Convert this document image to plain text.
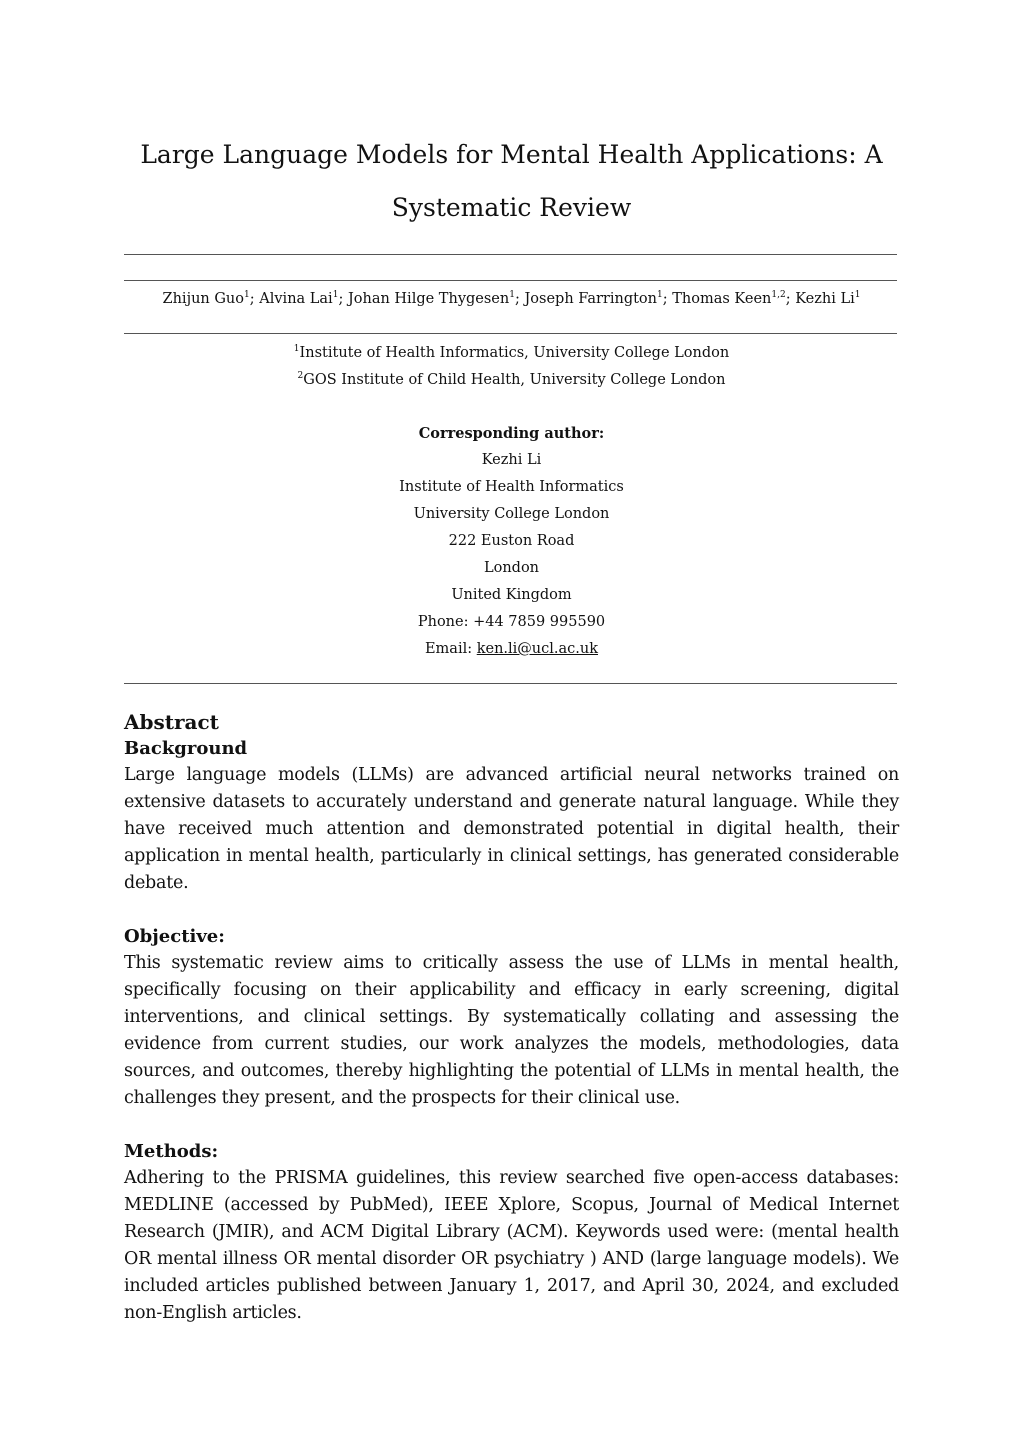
Large Language Models for Mental Health Applications: A Systematic Review
Zhijun Guo$^1$; Alvina Lai$^1$; Johan Hilge Thygesen$^1$; Joseph Farrington$^1$; Thomas Keen$^{1,2}$; Kezhi Li$^1$
$^1$Institute of Health Informatics, University College London
$^2$GOS Institute of Child Health, University College London
Corresponding author:
Kezhi Li
Institute of Health Informatics
University College London
222 Euston Road
London
United Kingdom
Phone: +44 7859 995590
Email: ken.li@ucl.ac.uk
Abstract
Background

Large language models (LLMs) are advanced artificial neural networks trained on extensive datasets to accurately understand and generate natural language. While they have received much attention and demonstrated potential in digital health, their application in mental health, particularly in clinical settings, has generated considerable debate.

Objective:

This systematic review aims to critically assess the use of LLMs in mental health, specifically focusing on their applicability and efficacy in early screening, digital interventions, and clinical settings. By systematically collating and assessing the evidence from current studies, our work analyzes the models, methodologies, data sources, and outcomes, thereby highlighting the potential of LLMs in mental health, the challenges they present, and the prospects for their clinical use.

Methods:

Adhering to the PRISMA guidelines, this review searched five open-access databases: MEDLINE (accessed by PubMed), IEEE Xplore, Scopus, Journal of Medical Internet Research (JMIR), and ACM Digital Library (ACM). Keywords used were: (mental health OR mental illness OR mental disorder OR psychiatry ) AND (large language models). We included articles published between January 1, 2017, and April 30, 2024, and excluded non-English articles.
